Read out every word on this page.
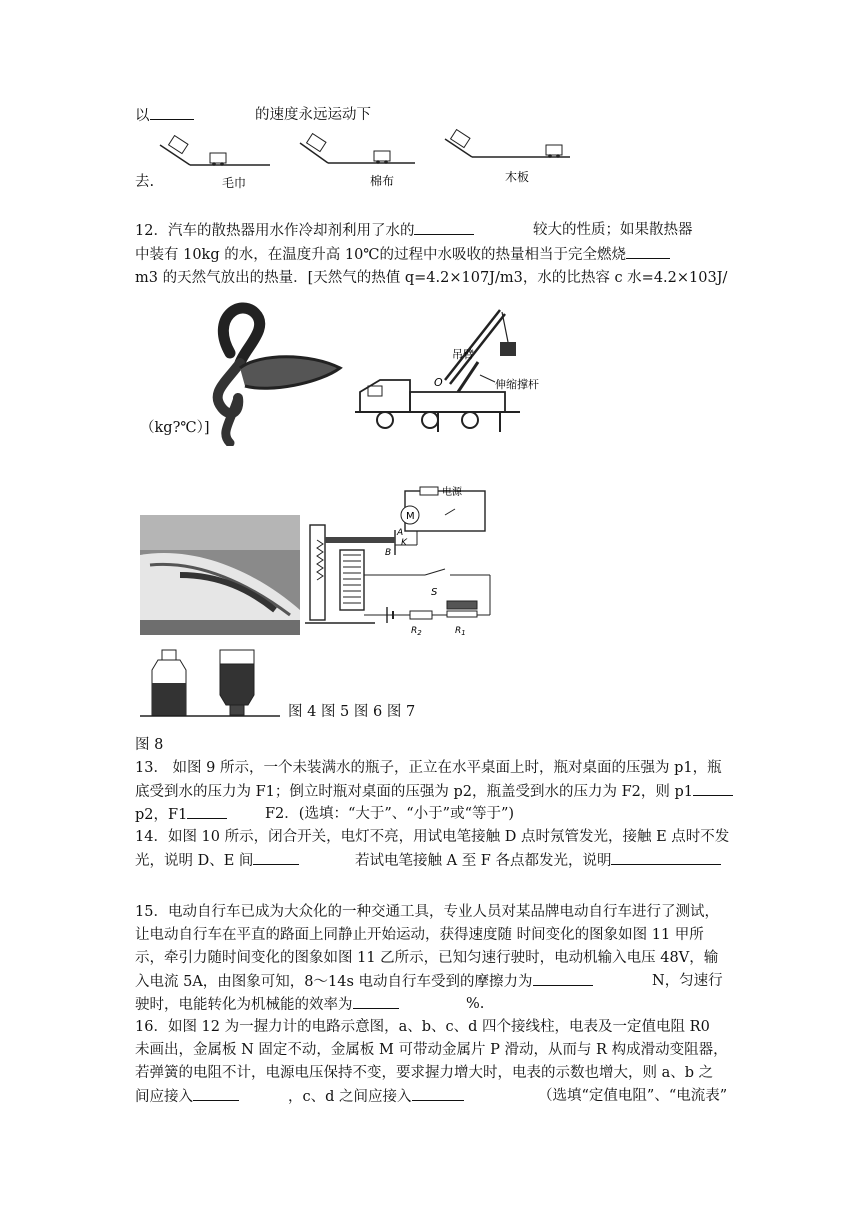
以	的速度永远运动下
去.	毛巾	棉布	木板
12．汽车的散热器用水作冷却剂利用了水的	较大的性质；如果散热器
中装有 10kg 的水，在温度升高 10℃的过程中水吸收的热量相当于完全燃烧
m3 的天然气放出的热量．[天然气的热值 q=4.2×107J/m3，水的比热容 c 水=4.2×103J/
（kg?℃）]
吊臂
O	伸缩撑杆
电源
M
A
K
B
S
$R_2$	$R_1$
图 4 图 5 图 6 图 7
图 8
13． 如图 9 所示，一个未装满水的瓶子，正立在水平桌面上时，瓶对桌面的压强为 p1，瓶
底受到水的压力为 F1；倒立时瓶对桌面的压强为 p2，瓶盖受到水的压力为 F2，则 p1
p2，F1	F2．(选填：“大于”、“小于”或“等于”)
14．如图 10 所示，闭合开关，电灯不亮，用试电笔接触 D 点时氖管发光，接触 E 点时不发
光，说明 D、E 间	若试电笔接触 A 至 F 各点都发光，说明
15．电动自行车已成为大众化的一种交通工具，专业人员对某品牌电动自行车进行了测试，
让电动自行车在平直的路面上同静止开始运动，获得速度随 时间变化的图象如图 11 甲所
示，牵引力随时间变化的图象如图 11 乙所示，已知匀速行驶时，电动机输入电压 48V，输
入电流 5A，由图象可知，8～14s 电动自行车受到的摩擦力为	N，匀速行
驶时，电能转化为机械能的效率为	%.
16．如图 12 为一握力计的电路示意图，a、b、c、d 四个接线柱，电表及一定值电阻 R0
未画出，金属板 N 固定不动，金属板 M 可带动金属片 P 滑动，从而与 R 构成滑动变阻器，
若弹簧的电阻不计，电源电压保持不变，要求握力增大时，电表的示数也增大，则 a、b 之
间应接入	，c、d 之间应接入	（选填“定值电阻”、“电流表”
